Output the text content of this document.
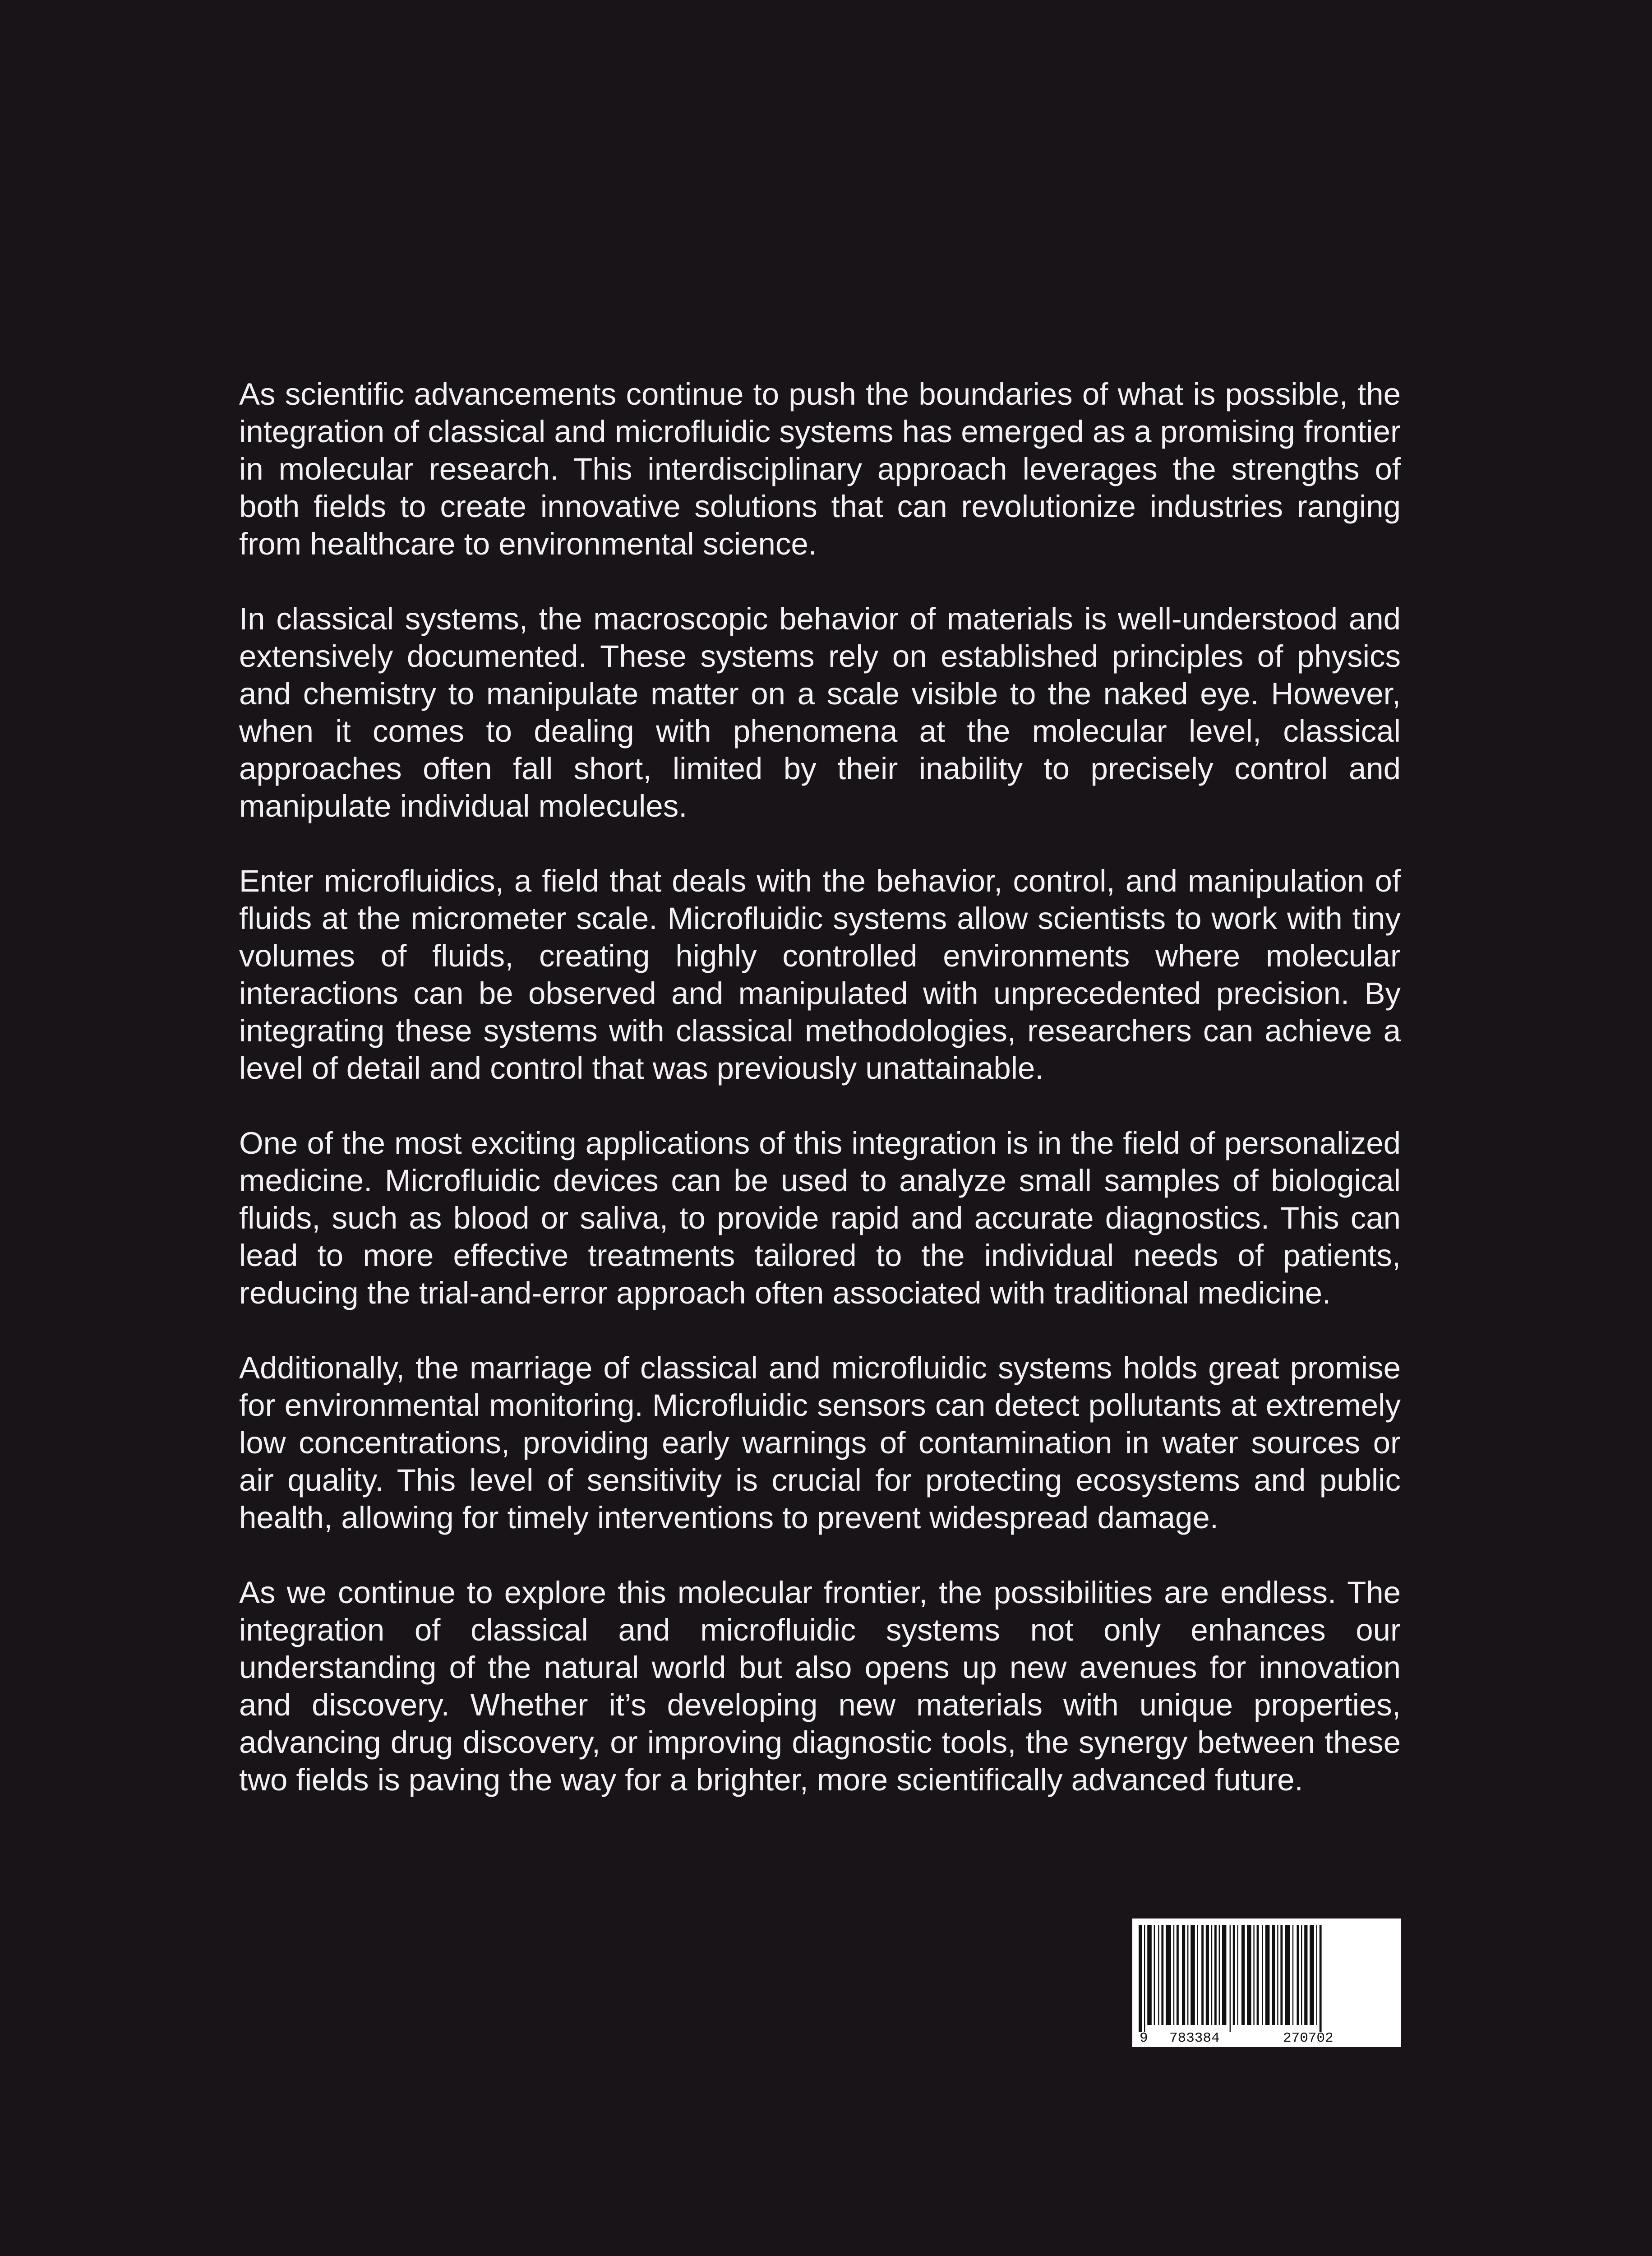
As scientific advancements continue to push the boundaries of what is possible, the integration of classical and microfluidic systems has emerged as a promising frontier in molecular research. This interdisciplinary approach leverages the strengths of both fields to create innovative solutions that can revolutionize industries ranging from healthcare to environmental science.

In classical systems, the macroscopic behavior of materials is well-understood and extensively documented. These systems rely on established principles of physics and chemistry to manipulate matter on a scale visible to the naked eye. However, when it comes to dealing with phenomena at the molecular level, classical approaches often fall short, limited by their inability to precisely control and manipulate individual molecules.

Enter microfluidics, a field that deals with the behavior, control, and manipulation of fluids at the micrometer scale. Microfluidic systems allow scientists to work with tiny volumes of fluids, creating highly controlled environments where molecular interactions can be observed and manipulated with unprecedented precision. By integrating these systems with classical methodologies, researchers can achieve a level of detail and control that was previously unattainable.

One of the most exciting applications of this integration is in the field of personalized medicine. Microfluidic devices can be used to analyze small samples of biological fluids, such as blood or saliva, to provide rapid and accurate diagnostics. This can lead to more effective treatments tailored to the individual needs of patients, reducing the trial-and-error approach often associated with traditional medicine.

Additionally, the marriage of classical and microfluidic systems holds great promise for environmental monitoring. Microfluidic sensors can detect pollutants at extremely low concentrations, providing early warnings of contamination in water sources or air quality. This level of sensitivity is crucial for protecting ecosystems and public health, allowing for timely interventions to prevent widespread damage.

As we continue to explore this molecular frontier, the possibilities are endless. The integration of classical and microfluidic systems not only enhances our understanding of the natural world but also opens up new avenues for innovation and discovery. Whether it’s developing new materials with unique properties, advancing drug discovery, or improving diagnostic tools, the synergy between these two fields is paving the way for a brighter, more scientifically advanced future.

9 783384	270702
